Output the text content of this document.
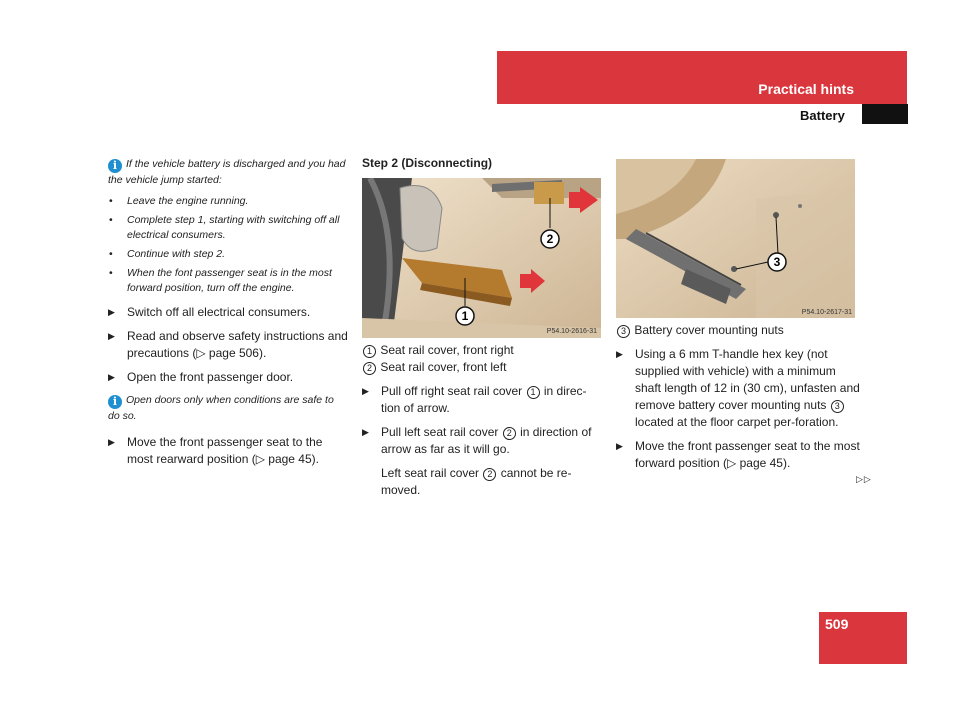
Practical hints
Battery
i If the vehicle battery is discharged and you had the vehicle jump started:
• Leave the engine running.
• Complete step 1, starting with switching off all electrical consumers.
• Continue with step 2.
• When the font passenger seat is in the most forward position, turn off the engine.
▶ Switch off all electrical consumers.
▶ Read and observe safety instructions and precautions (▷ page 506).
▶ Open the front passenger door.
i Open doors only when conditions are safe to do so.
▶ Move the front passenger seat to the most rearward position (▷ page 45).
Step 2 (Disconnecting)
2
1
P54.10-2616-31
1 Seat rail cover, front right
2 Seat rail cover, front left
▶ Pull off right seat rail cover 1 in direc-tion of arrow.
▶ Pull left seat rail cover 2 in direction of arrow as far as it will go.
Left seat rail cover 2 cannot be re-moved.
3
P54.10-2617-31
3 Battery cover mounting nuts
▶ Using a 6 mm T-handle hex key (not supplied with vehicle) with a minimum shaft length of 12 in (30 cm), unfasten and remove battery cover mounting nuts 3 located at the floor carpet per-foration.
▶ Move the front passenger seat to the most forward position (▷ page 45).
▷▷
509
